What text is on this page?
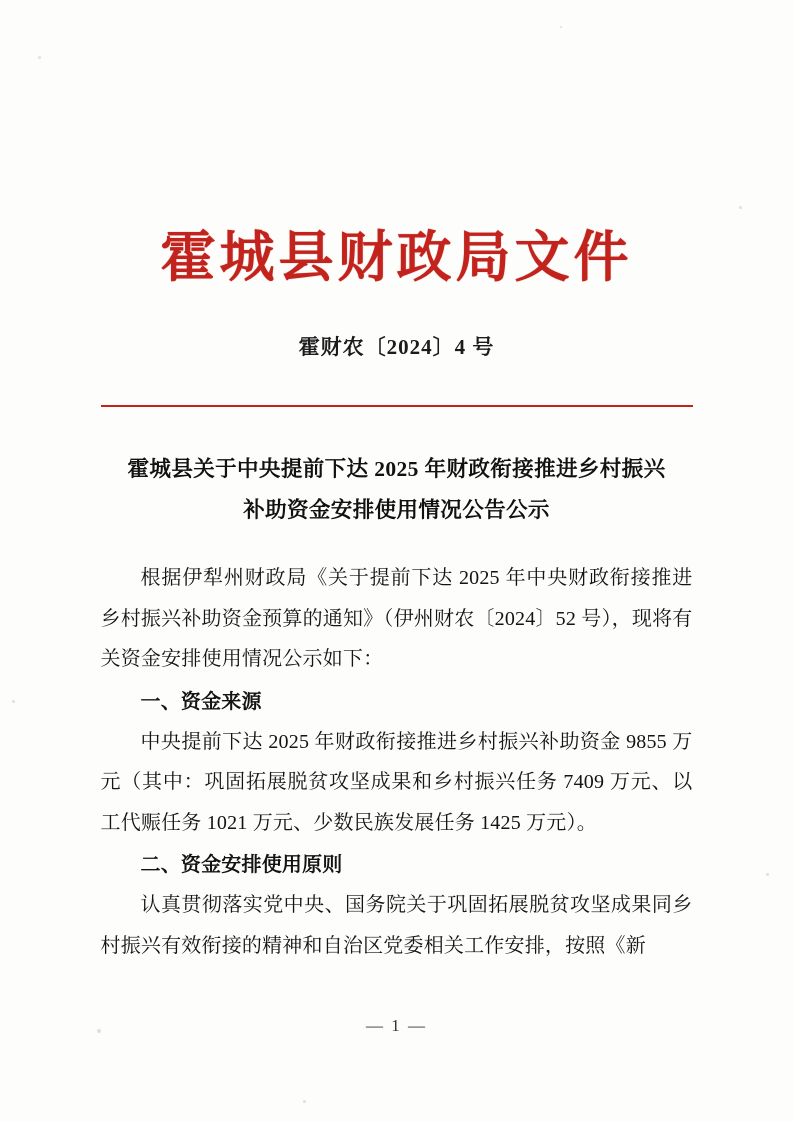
霍城县财政局文件
霍财农〔2024〕4 号
霍城县关于中央提前下达 2025 年财政衔接推进乡村振兴
补助资金安排使用情况公告公示

根据伊犁州财政局《关于提前下达 2025 年中央财政衔接推进乡村振兴补助资金预算的通知》（伊州财农〔2024〕52 号），现将有关资金安排使用情况公示如下：

一、资金来源

中央提前下达 2025 年财政衔接推进乡村振兴补助资金 9855 万元（其中：巩固拓展脱贫攻坚成果和乡村振兴任务 7409 万元、以工代赈任务 1021 万元、少数民族发展任务 1425 万元）。

二、资金安排使用原则

认真贯彻落实党中央、国务院关于巩固拓展脱贫攻坚成果同乡村振兴有效衔接的精神和自治区党委相关工作安排，按照《新

— 1 —
